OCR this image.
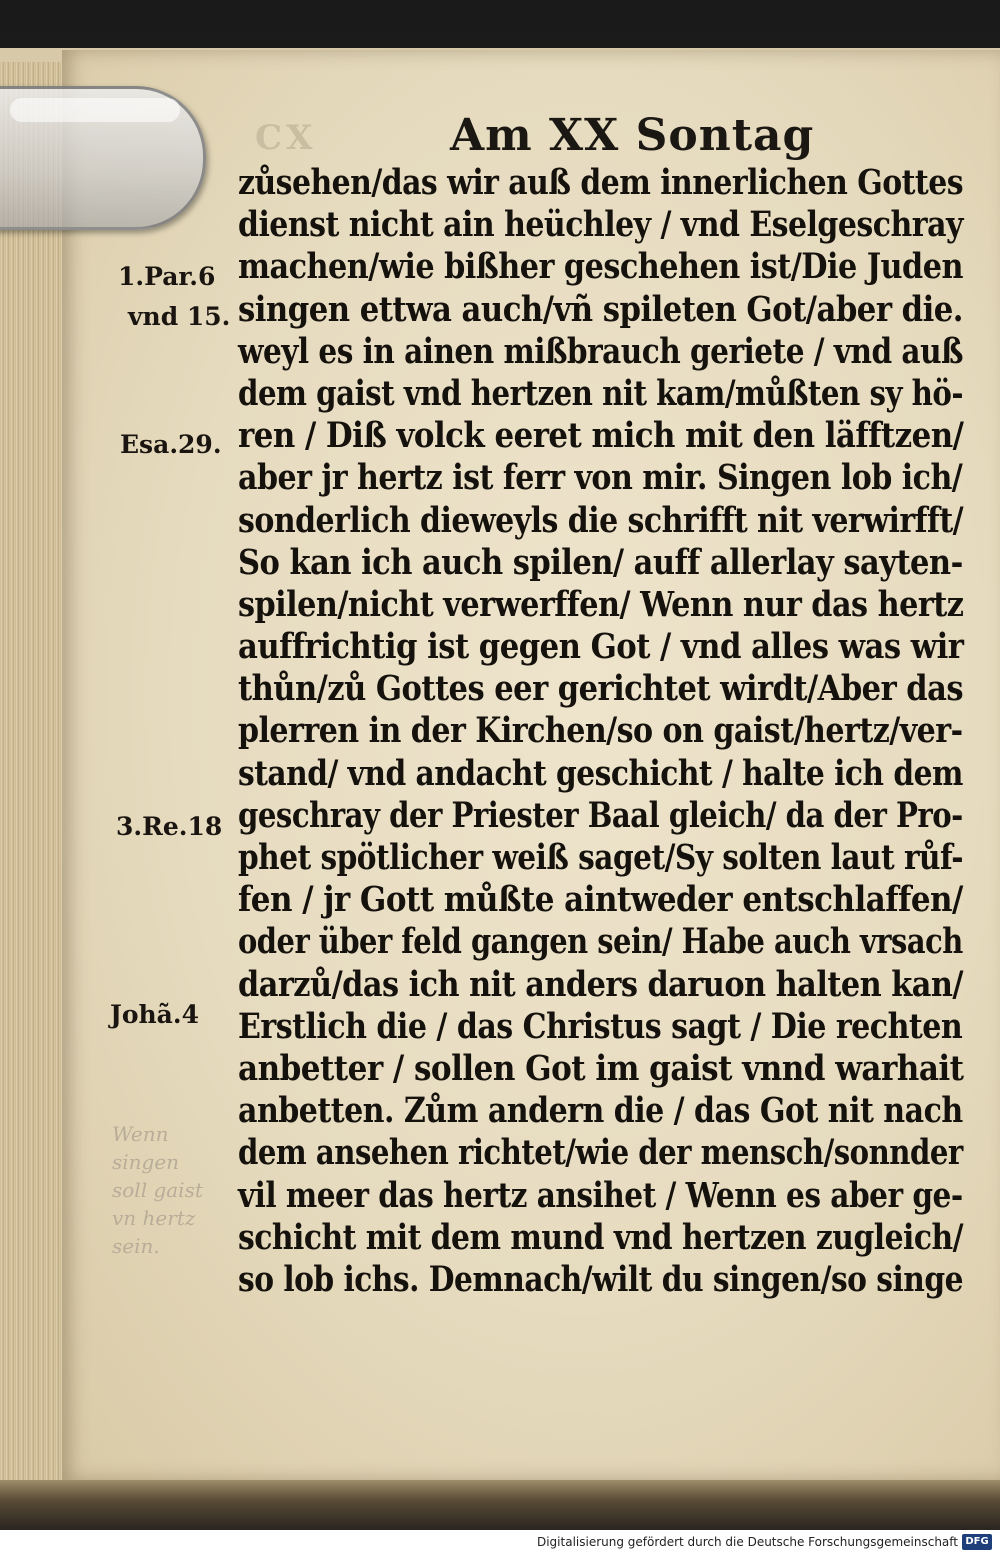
CX	Am XX Sontag
zůsehen/das wir auß dem innerlichen Gottes
dienst nicht ain heüchley / vnd Eselgeschray
machen/wie bißher geschehen ist/Die Juden
singen ettwa auch/vñ spileten Got/aber die.
weyl es in ainen mißbrauch geriete / vnd auß
dem gaist vnd hertzen nit kam/můßten sy hö-
ren / Diß volck eeret mich mit den läfftzen/
aber jr hertz ist ferr von mir. Singen lob ich/
sonderlich dieweyls die schrifft nit verwirfft/
So kan ich auch spilen/ auff allerlay sayten-
spilen/nicht verwerffen/ Wenn nur das hertz
auffrichtig ist gegen Got / vnd alles was wir
thůn/zů Gottes eer gerichtet wirdt/Aber das
plerren in der Kirchen/so on gaist/hertz/ver-
stand/ vnd andacht geschicht / halte ich dem
geschray der Priester Baal gleich/ da der Pro-
phet spötlicher weiß saget/Sy solten laut růf-
fen / jr Gott můßte aintweder entschlaffen/
oder über feld gangen sein/ Habe auch vrsach
darzů/das ich nit anders daruon halten kan/
Erstlich die / das Christus sagt / Die rechten
anbetter / sollen Got im gaist vnnd warhait
anbetten. Zům andern die / das Got nit nach
dem ansehen richtet/wie der mensch/sonnder
vil meer das hertz ansihet / Wenn es aber ge-
schicht mit dem mund vnd hertzen zugleich/
so lob ichs. Demnach/wilt du singen/so singe
1.Par.6
vnd 15.
Esa.29.
3.Re.18
Johã.4
Wenn
singen
soll gaist
vn hertz
sein.
Digitalisierung gefördert durch die Deutsche Forschungsgemeinschaft DFG
